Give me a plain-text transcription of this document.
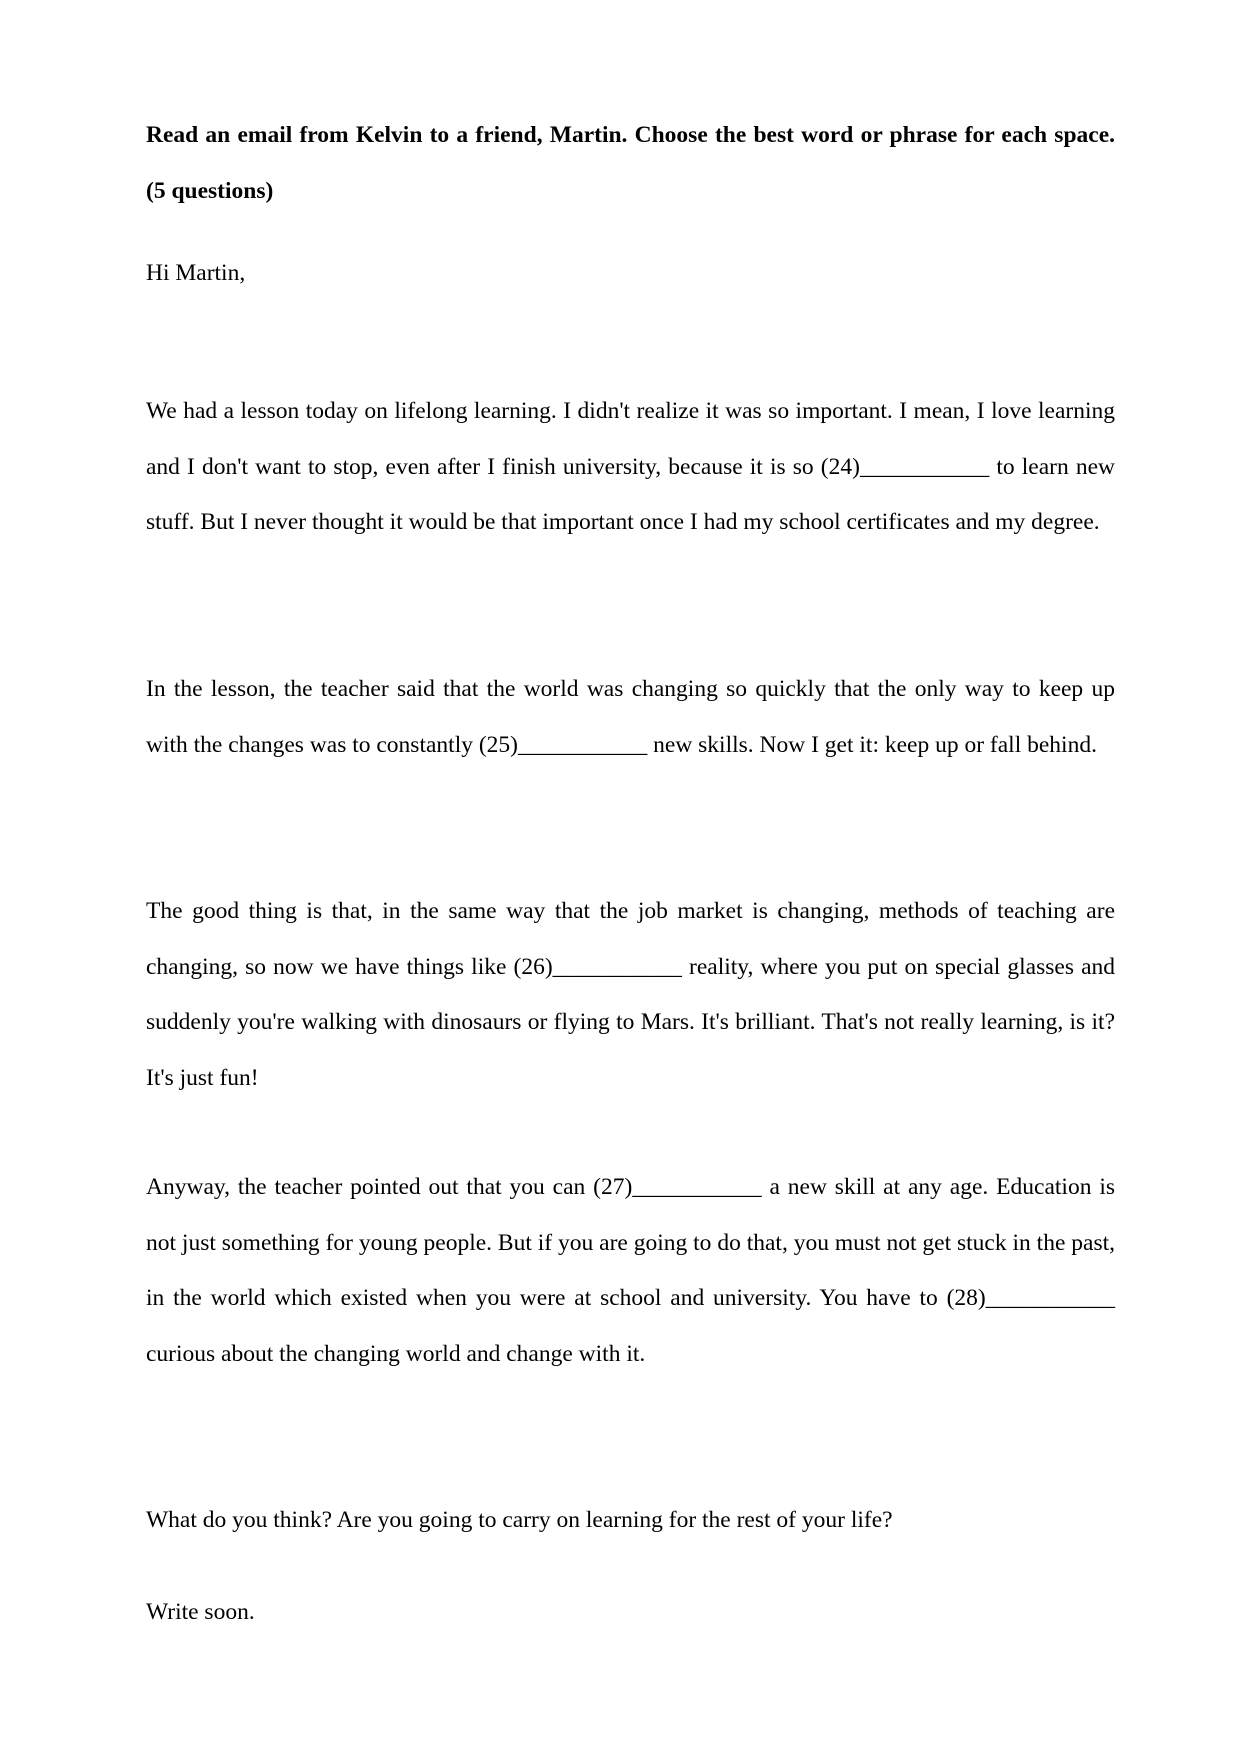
Read an email from Kelvin to a friend, Martin. Choose the best word or phrase for each space. (5 questions)

Hi Martin,

We had a lesson today on lifelong learning. I didn't realize it was so important. I mean, I love learning and I don't want to stop, even after I finish university, because it is so (24)___________ to learn new stuff. But I never thought it would be that important once I had my school certificates and my degree.

In the lesson, the teacher said that the world was changing so quickly that the only way to keep up with the changes was to constantly (25)___________ new skills. Now I get it: keep up or fall behind.

The good thing is that, in the same way that the job market is changing, methods of teaching are changing, so now we have things like (26)___________ reality, where you put on special glasses and suddenly you're walking with dinosaurs or flying to Mars. It's brilliant. That's not really learning, is it? It's just fun!

Anyway, the teacher pointed out that you can (27)___________ a new skill at any age. Education is not just something for young people. But if you are going to do that, you must not get stuck in the past, in the world which existed when you were at school and university. You have to (28)___________ curious about the changing world and change with it.

What do you think? Are you going to carry on learning for the rest of your life?

Write soon.
